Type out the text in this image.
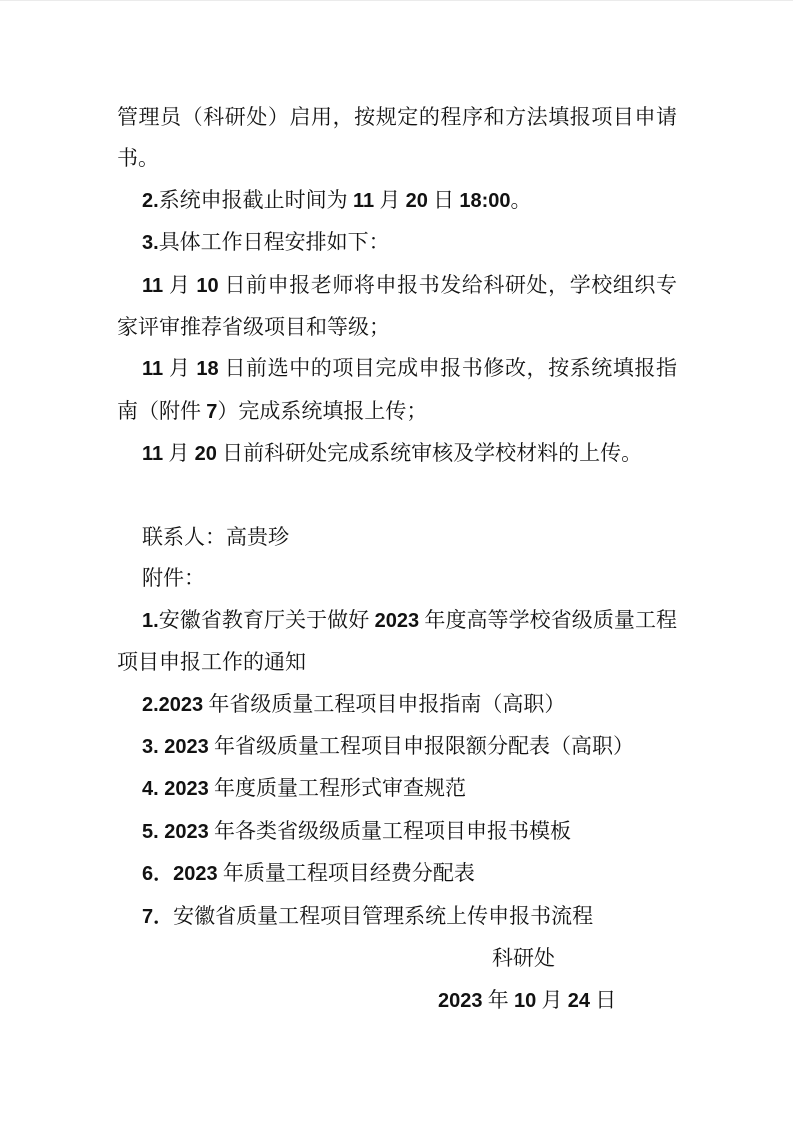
管理员（科研处）启用，按规定的程序和方法填报项目申请书。

2.系统申报截止时间为 11 月 20 日 18:00。

3.具体工作日程安排如下：

11 月 10 日前申报老师将申报书发给科研处，学校组织专家评审推荐省级项目和等级；

11 月 18 日前选中的项目完成申报书修改，按系统填报指南（附件 7）完成系统填报上传；

11 月 20 日前科研处完成系统审核及学校材料的上传。

联系人：高贵珍

附件：

1.安徽省教育厅关于做好 2023 年度高等学校省级质量工程项目申报工作的通知

2.2023 年省级质量工程项目申报指南（高职）

3. 2023 年省级质量工程项目申报限额分配表（高职）

4. 2023 年度质量工程形式审查规范

5. 2023 年各类省级级质量工程项目申报书模板

6．2023 年质量工程项目经费分配表

7．安徽省质量工程项目管理系统上传申报书流程

科研处

2023 年 10 月 24 日
